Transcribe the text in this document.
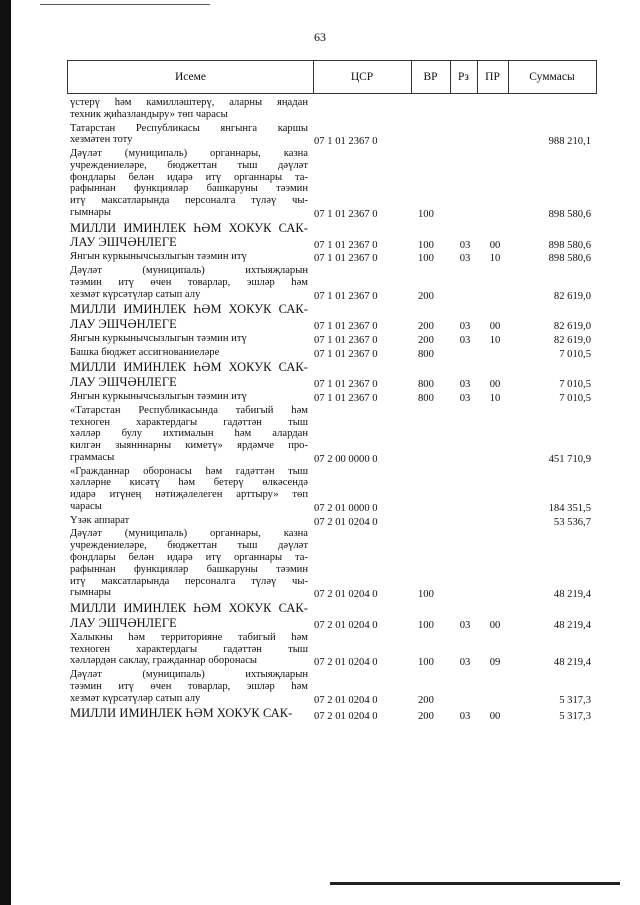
63
Исеме	ЦСР	ВР	Рз	ПР	Суммасы
үстерү һәм камилләштерү, аларны яңадан
техник җиһазландыру» төп чарасы
Татарстан Республикасы янгынга каршы
хезмәтен тоту	07 1 01 2367 0	988 210,1
Дәүләт (муниципаль) органнары, казна
учреждениеләре, бюджеттан тыш дәүләт
фондлары белән идарә итү органнары та-
рафыннан функцияләр башкаруны тәэмин
итү максатларында персоналга түләү чы-
гымнары	07 1 01 2367 0	100	898 580,6
МИЛЛИ ИМИНЛЕК ҺӘМ ХОКУК САК-
ЛАУ ЭШЧӘНЛЕГЕ	07 1 01 2367 0	100	03	00	898 580,6
Янгын куркынычсызлыгын тәэмин итү	07 1 01 2367 0	100	03	10	898 580,6
Дәүләт (муниципаль) ихтыяҗларын
тәэмин итү өчен товарлар, эшләр һәм
хезмәт күрсәтүләр сатып алу	07 1 01 2367 0	200	82 619,0
МИЛЛИ ИМИНЛЕК ҺӘМ ХОКУК САК-
ЛАУ ЭШЧӘНЛЕГЕ	07 1 01 2367 0	200	03	00	82 619,0
Янгын куркынычсызлыгын тәэмин итү	07 1 01 2367 0	200	03	10	82 619,0
Башка бюджет ассигнованиеләре	07 1 01 2367 0	800	7 010,5
МИЛЛИ ИМИНЛЕК ҺӘМ ХОКУК САК-
ЛАУ ЭШЧӘНЛЕГЕ	07 1 01 2367 0	800	03	00	7 010,5
Янгын куркынычсызлыгын тәэмин итү	07 1 01 2367 0	800	03	10	7 010,5
«Татарстан Республикасында табигый һәм
техноген характердагы гадәттән тыш
хәлләр булу ихтималын һәм алардан
килгән зыянннарны киметү» ярдәмче про-
граммасы	07 2 00 0000 0	451 710,9
«Гражданнар оборонасы һәм гадәттән тыш
хәлләрне кисәтү һәм бетерү өлкәсендә
идарә итүнең нәтиҗәлелеген арттыру» төп
чарасы	07 2 01 0000 0	184 351,5
Үзәк аппарат	07 2 01 0204 0	53 536,7
Дәүләт (муниципаль) органнары, казна
учреждениеләре, бюджеттан тыш дәүләт
фондлары белән идарә итү органнары та-
рафыннан функцияләр башкаруны тәэмин
итү максатларында персоналга түләү чы-
гымнары	07 2 01 0204 0	100	48 219,4
МИЛЛИ ИМИНЛЕК ҺӘМ ХОКУК САК-
ЛАУ ЭШЧӘНЛЕГЕ	07 2 01 0204 0	100	03	00	48 219,4
Халыкны һәм территорияне табигый һәм
техноген характердагы гадәттән тыш
хәлләрдән саклау, гражданнар оборонасы	07 2 01 0204 0	100	03	09	48 219,4
Дәүләт (муниципаль) ихтыяҗларын
тәэмин итү өчен товарлар, эшләр һәм
хезмәт күрсәтүләр сатып алу	07 2 01 0204 0	200	5 317,3
МИЛЛИ ИМИНЛЕК ҺӘМ ХОКУК САК-	07 2 01 0204 0	200	03	00	5 317,3
